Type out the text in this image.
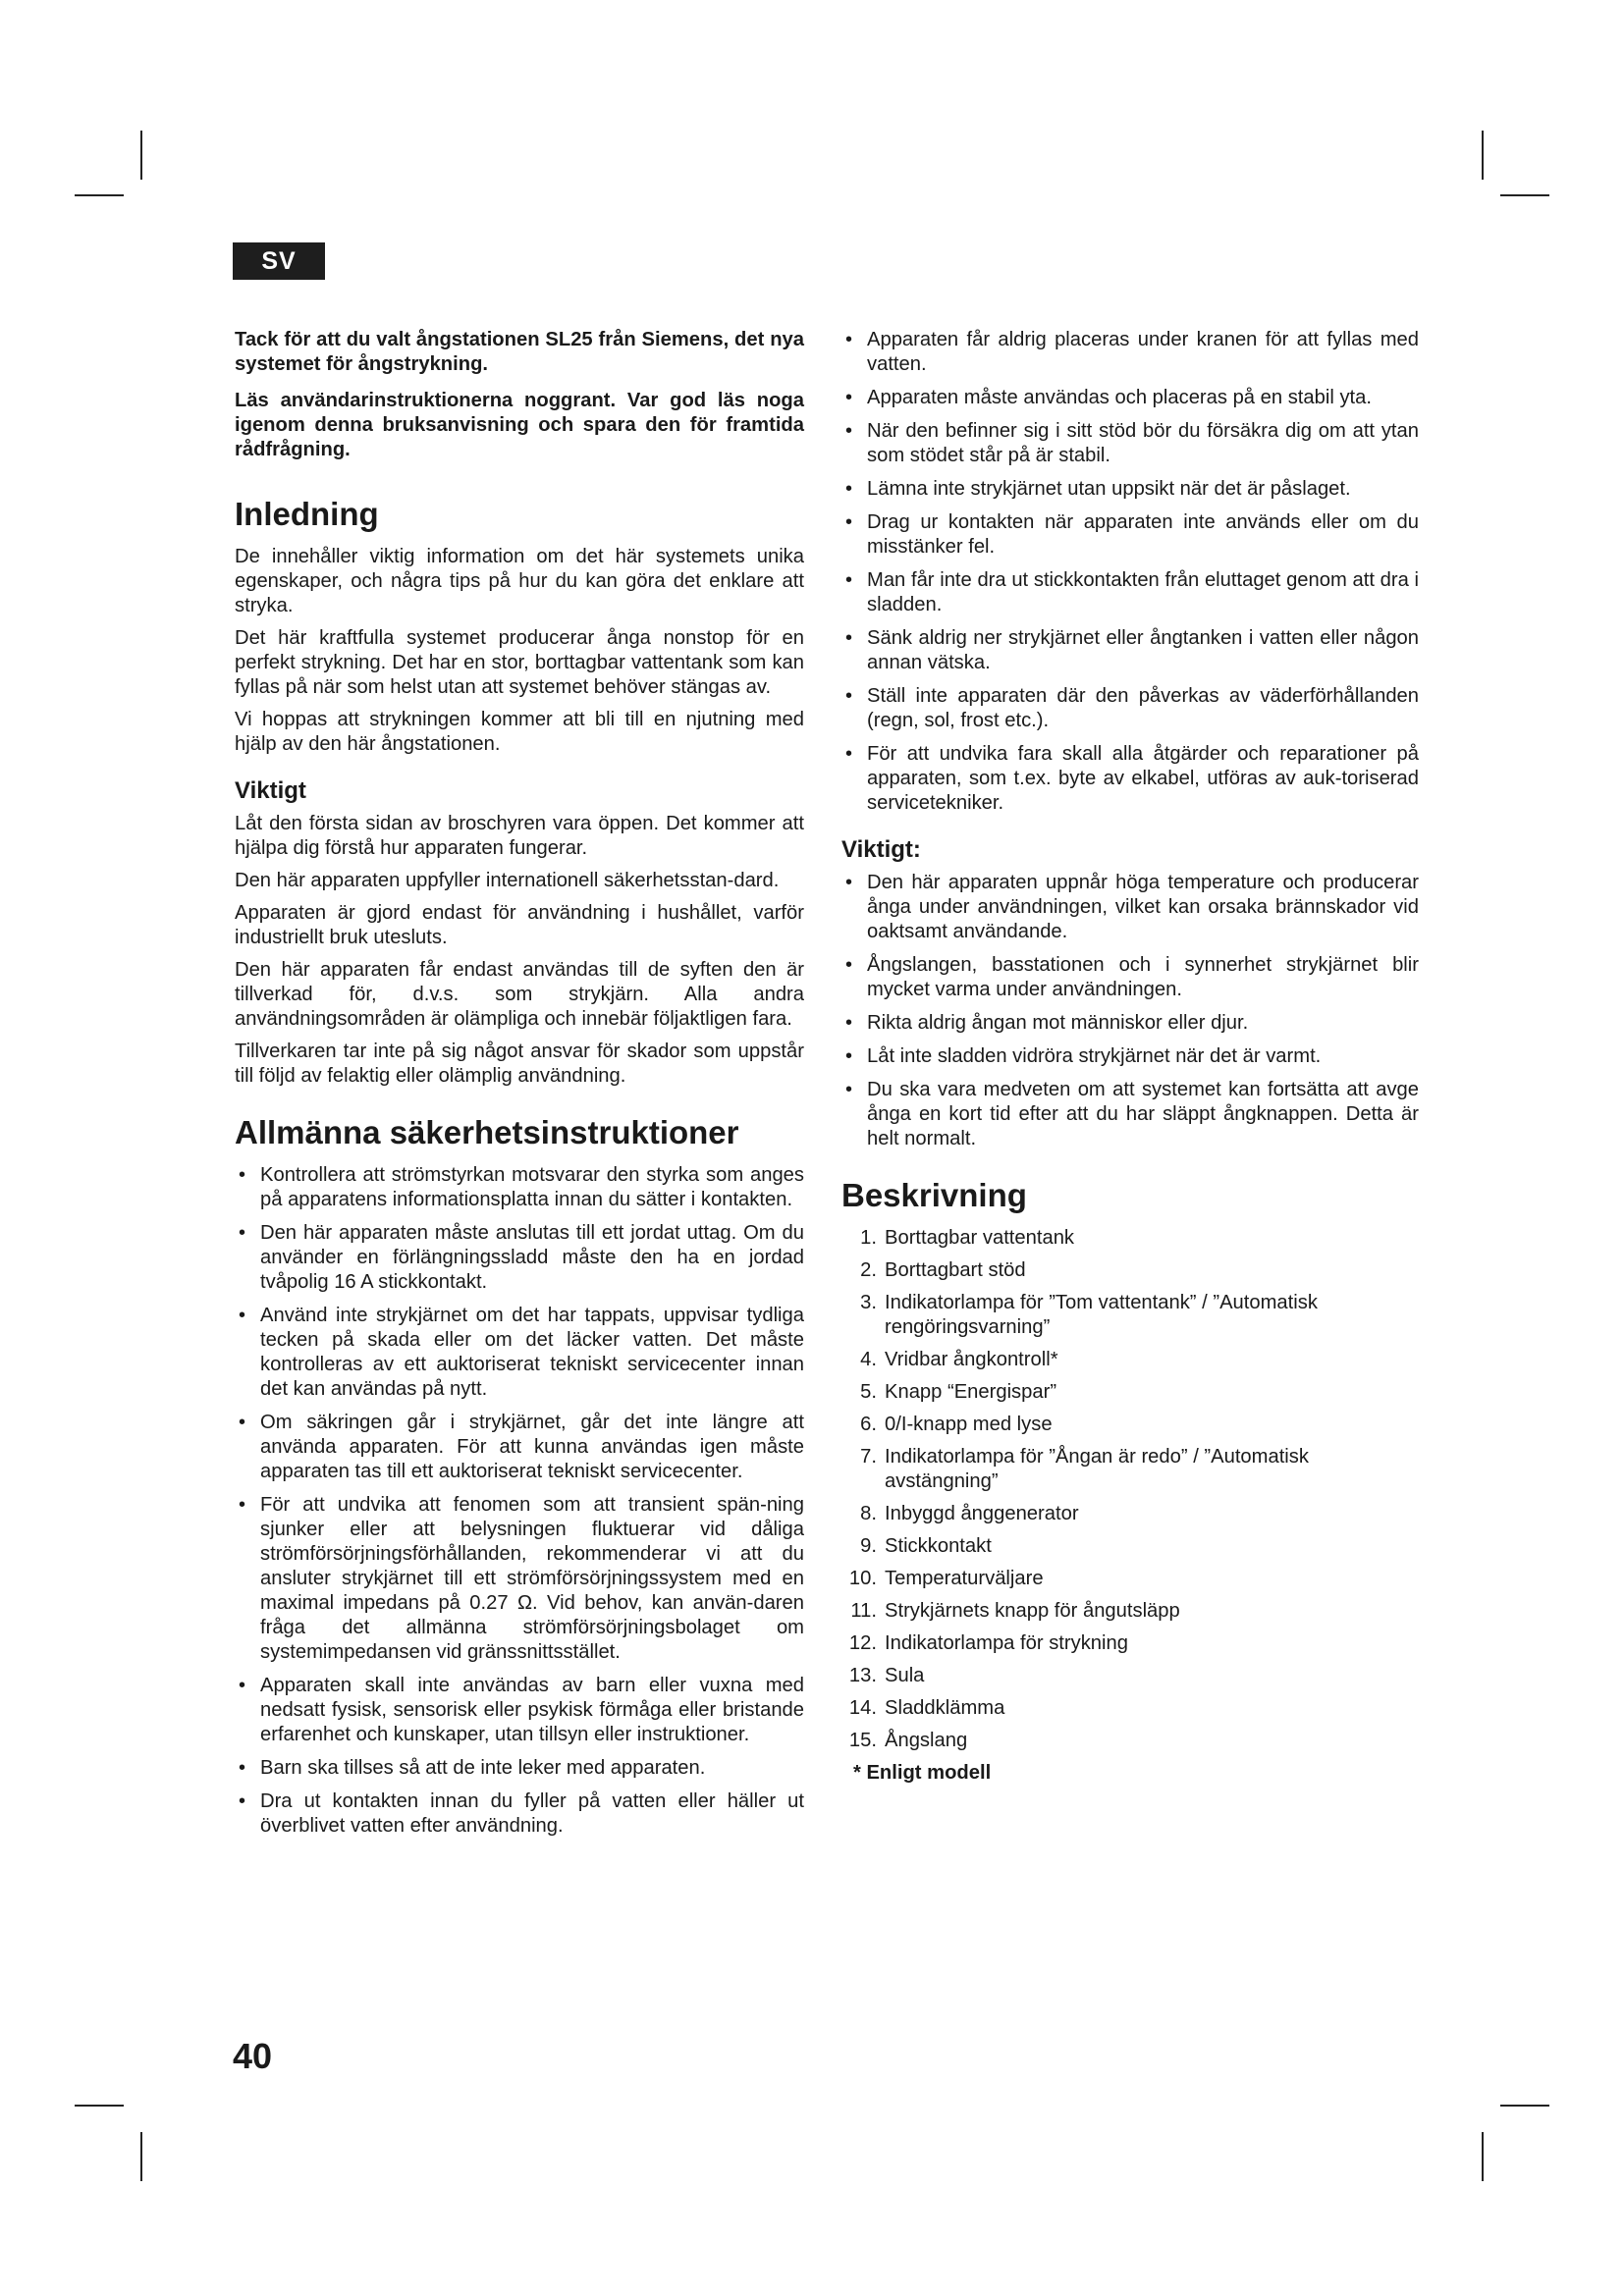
SV

Tack för att du valt ångstationen SL25 från Siemens, det nya systemet för ångstrykning.

Läs användarinstruktionerna noggrant. Var god läs noga igenom denna bruksanvisning och spara den för framtida rådfrågning.

Inledning

De innehåller viktig information om det här systemets unika egenskaper, och några tips på hur du kan göra det enklare att stryka.

Det här kraftfulla systemet producerar ånga nonstop för en perfekt strykning. Det har en stor, borttagbar vattentank som kan fyllas på när som helst utan att systemet behöver stängas av.

Vi hoppas att strykningen kommer att bli till en njutning med hjälp av den här ångstationen.

Viktigt

Låt den första sidan av broschyren vara öppen. Det kommer att hjälpa dig förstå hur apparaten fungerar.

Den här apparaten uppfyller internationell säkerhetsstan-dard.

Apparaten är gjord endast för användning i hushållet, varför industriellt bruk utesluts.

Den här apparaten får endast användas till de syften den är tillverkad för, d.v.s. som strykjärn. Alla andra användningsområden är olämpliga och innebär följaktligen fara.

Tillverkaren tar inte på sig något ansvar för skador som uppstår till följd av felaktig eller olämplig användning.

Allmänna säkerhetsinstruktioner
• Kontrollera att strömstyrkan motsvarar den styrka som anges på apparatens informationsplatta innan du sätter i kontakten.
• Den här apparaten måste anslutas till ett jordat uttag. Om du använder en förlängningssladd måste den ha en jordad tvåpolig 16 A stickkontakt.
• Använd inte strykjärnet om det har tappats, uppvisar tydliga tecken på skada eller om det läcker vatten. Det måste kontrolleras av ett auktoriserat tekniskt servicecenter innan det kan användas på nytt.
• Om säkringen går i strykjärnet, går det inte längre att använda apparaten. För att kunna användas igen måste apparaten tas till ett auktoriserat tekniskt servicecenter.
• För att undvika att fenomen som att transient spän-ning sjunker eller att belysningen fluktuerar vid dåliga strömförsörjningsförhållanden, rekommenderar vi att du ansluter strykjärnet till ett strömförsörjningssystem med en maximal impedans på 0.27 Ω. Vid behov, kan använ-daren fråga det allmänna strömförsörjningsbolaget om systemimpedansen vid gränssnittsstället.
• Apparaten skall inte användas av barn eller vuxna med nedsatt fysisk, sensorisk eller psykisk förmåga eller bristande erfarenhet och kunskaper, utan tillsyn eller instruktioner.
• Barn ska tillses så att de inte leker med apparaten.
• Dra ut kontakten innan du fyller på vatten eller häller ut överblivet vatten efter användning.
• Apparaten får aldrig placeras under kranen för att fyllas med vatten.
• Apparaten måste användas och placeras på en stabil yta.
• När den befinner sig i sitt stöd bör du försäkra dig om att ytan som stödet står på är stabil.
• Lämna inte strykjärnet utan uppsikt när det är påslaget.
• Drag ur kontakten när apparaten inte används eller om du misstänker fel.
• Man får inte dra ut stickkontakten från eluttaget genom att dra i sladden.
• Sänk aldrig ner strykjärnet eller ångtanken i vatten eller någon annan vätska.
• Ställ inte apparaten där den påverkas av väderförhållanden (regn, sol, frost etc.).
• För att undvika fara skall alla åtgärder och reparationer på apparaten, som t.ex. byte av elkabel, utföras av auk-toriserad servicetekniker.
Viktigt:
• Den här apparaten uppnår höga temperature och producerar ånga under användningen, vilket kan orsaka brännskador vid oaktsamt användande.
• Ångslangen, basstationen och i synnerhet strykjärnet blir mycket varma under användningen.
• Rikta aldrig ångan mot människor eller djur.
• Låt inte sladden vidröra strykjärnet när det är varmt.
• Du ska vara medveten om att systemet kan fortsätta att avge ånga en kort tid efter att du har släppt ångknappen. Detta är helt normalt.
Beskrivning
1. Borttagbar vattentank
2. Borttagbart stöd
3. Indikatorlampa för ”Tom vattentank” / ”Automatisk rengöringsvarning”
4. Vridbar ångkontroll*
5. Knapp “Energispar”
6. 0/I-knapp med lyse
7. Indikatorlampa för ”Ångan är redo” / ”Automatisk avstängning”
8. Inbyggd ånggenerator
9. Stickkontakt
10. Temperaturväljare
11. Strykjärnets knapp för ångutsläpp
12. Indikatorlampa för strykning
13. Sula
14. Sladdklämma
15. Ångslang
* Enligt modell
40
